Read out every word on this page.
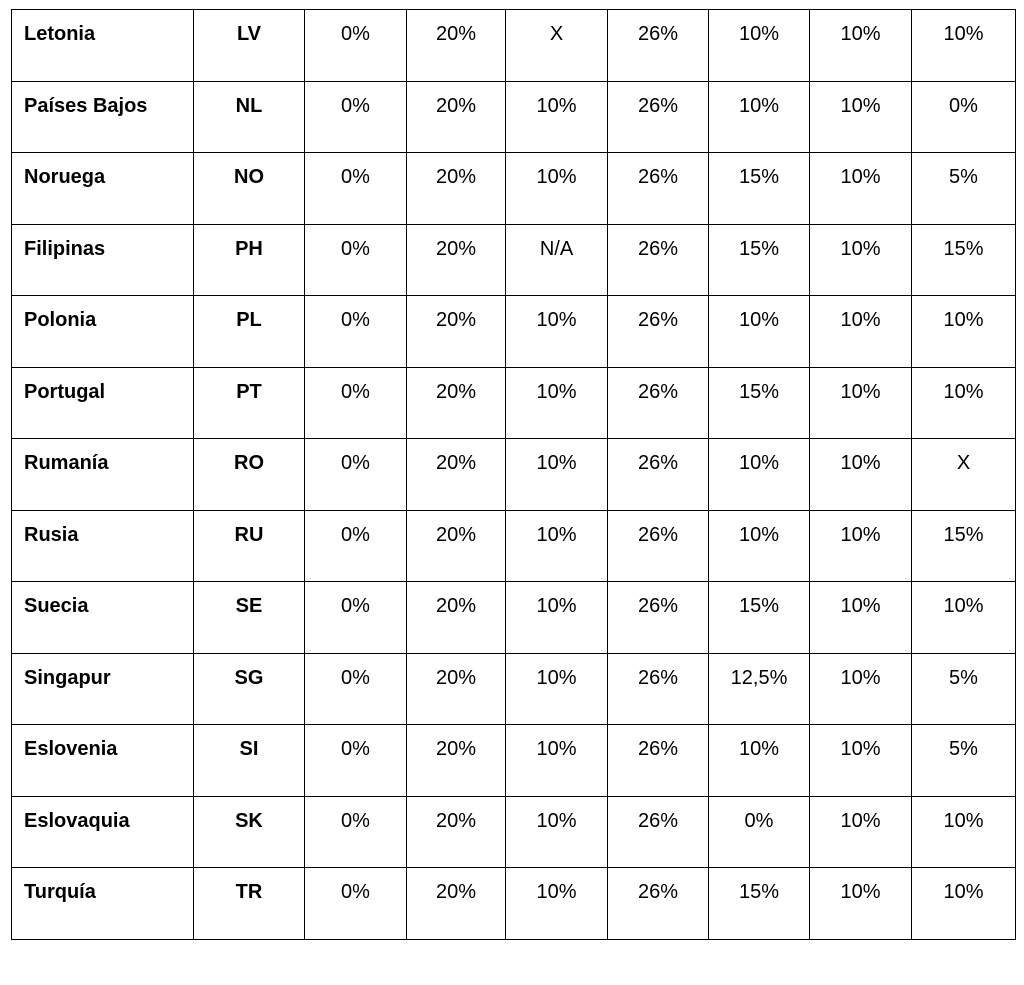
Letonia	LV	0%	20%	X	26%	10%	10%	10%
Países Bajos	NL	0%	20%	10%	26%	10%	10%	0%
Noruega	NO	0%	20%	10%	26%	15%	10%	5%
Filipinas	PH	0%	20%	N/A	26%	15%	10%	15%
Polonia	PL	0%	20%	10%	26%	10%	10%	10%
Portugal	PT	0%	20%	10%	26%	15%	10%	10%
Rumanía	RO	0%	20%	10%	26%	10%	10%	X
Rusia	RU	0%	20%	10%	26%	10%	10%	15%
Suecia	SE	0%	20%	10%	26%	15%	10%	10%
Singapur	SG	0%	20%	10%	26%	12,5%	10%	5%
Eslovenia	SI	0%	20%	10%	26%	10%	10%	5%
Eslovaquia	SK	0%	20%	10%	26%	0%	10%	10%
Turquía	TR	0%	20%	10%	26%	15%	10%	10%
